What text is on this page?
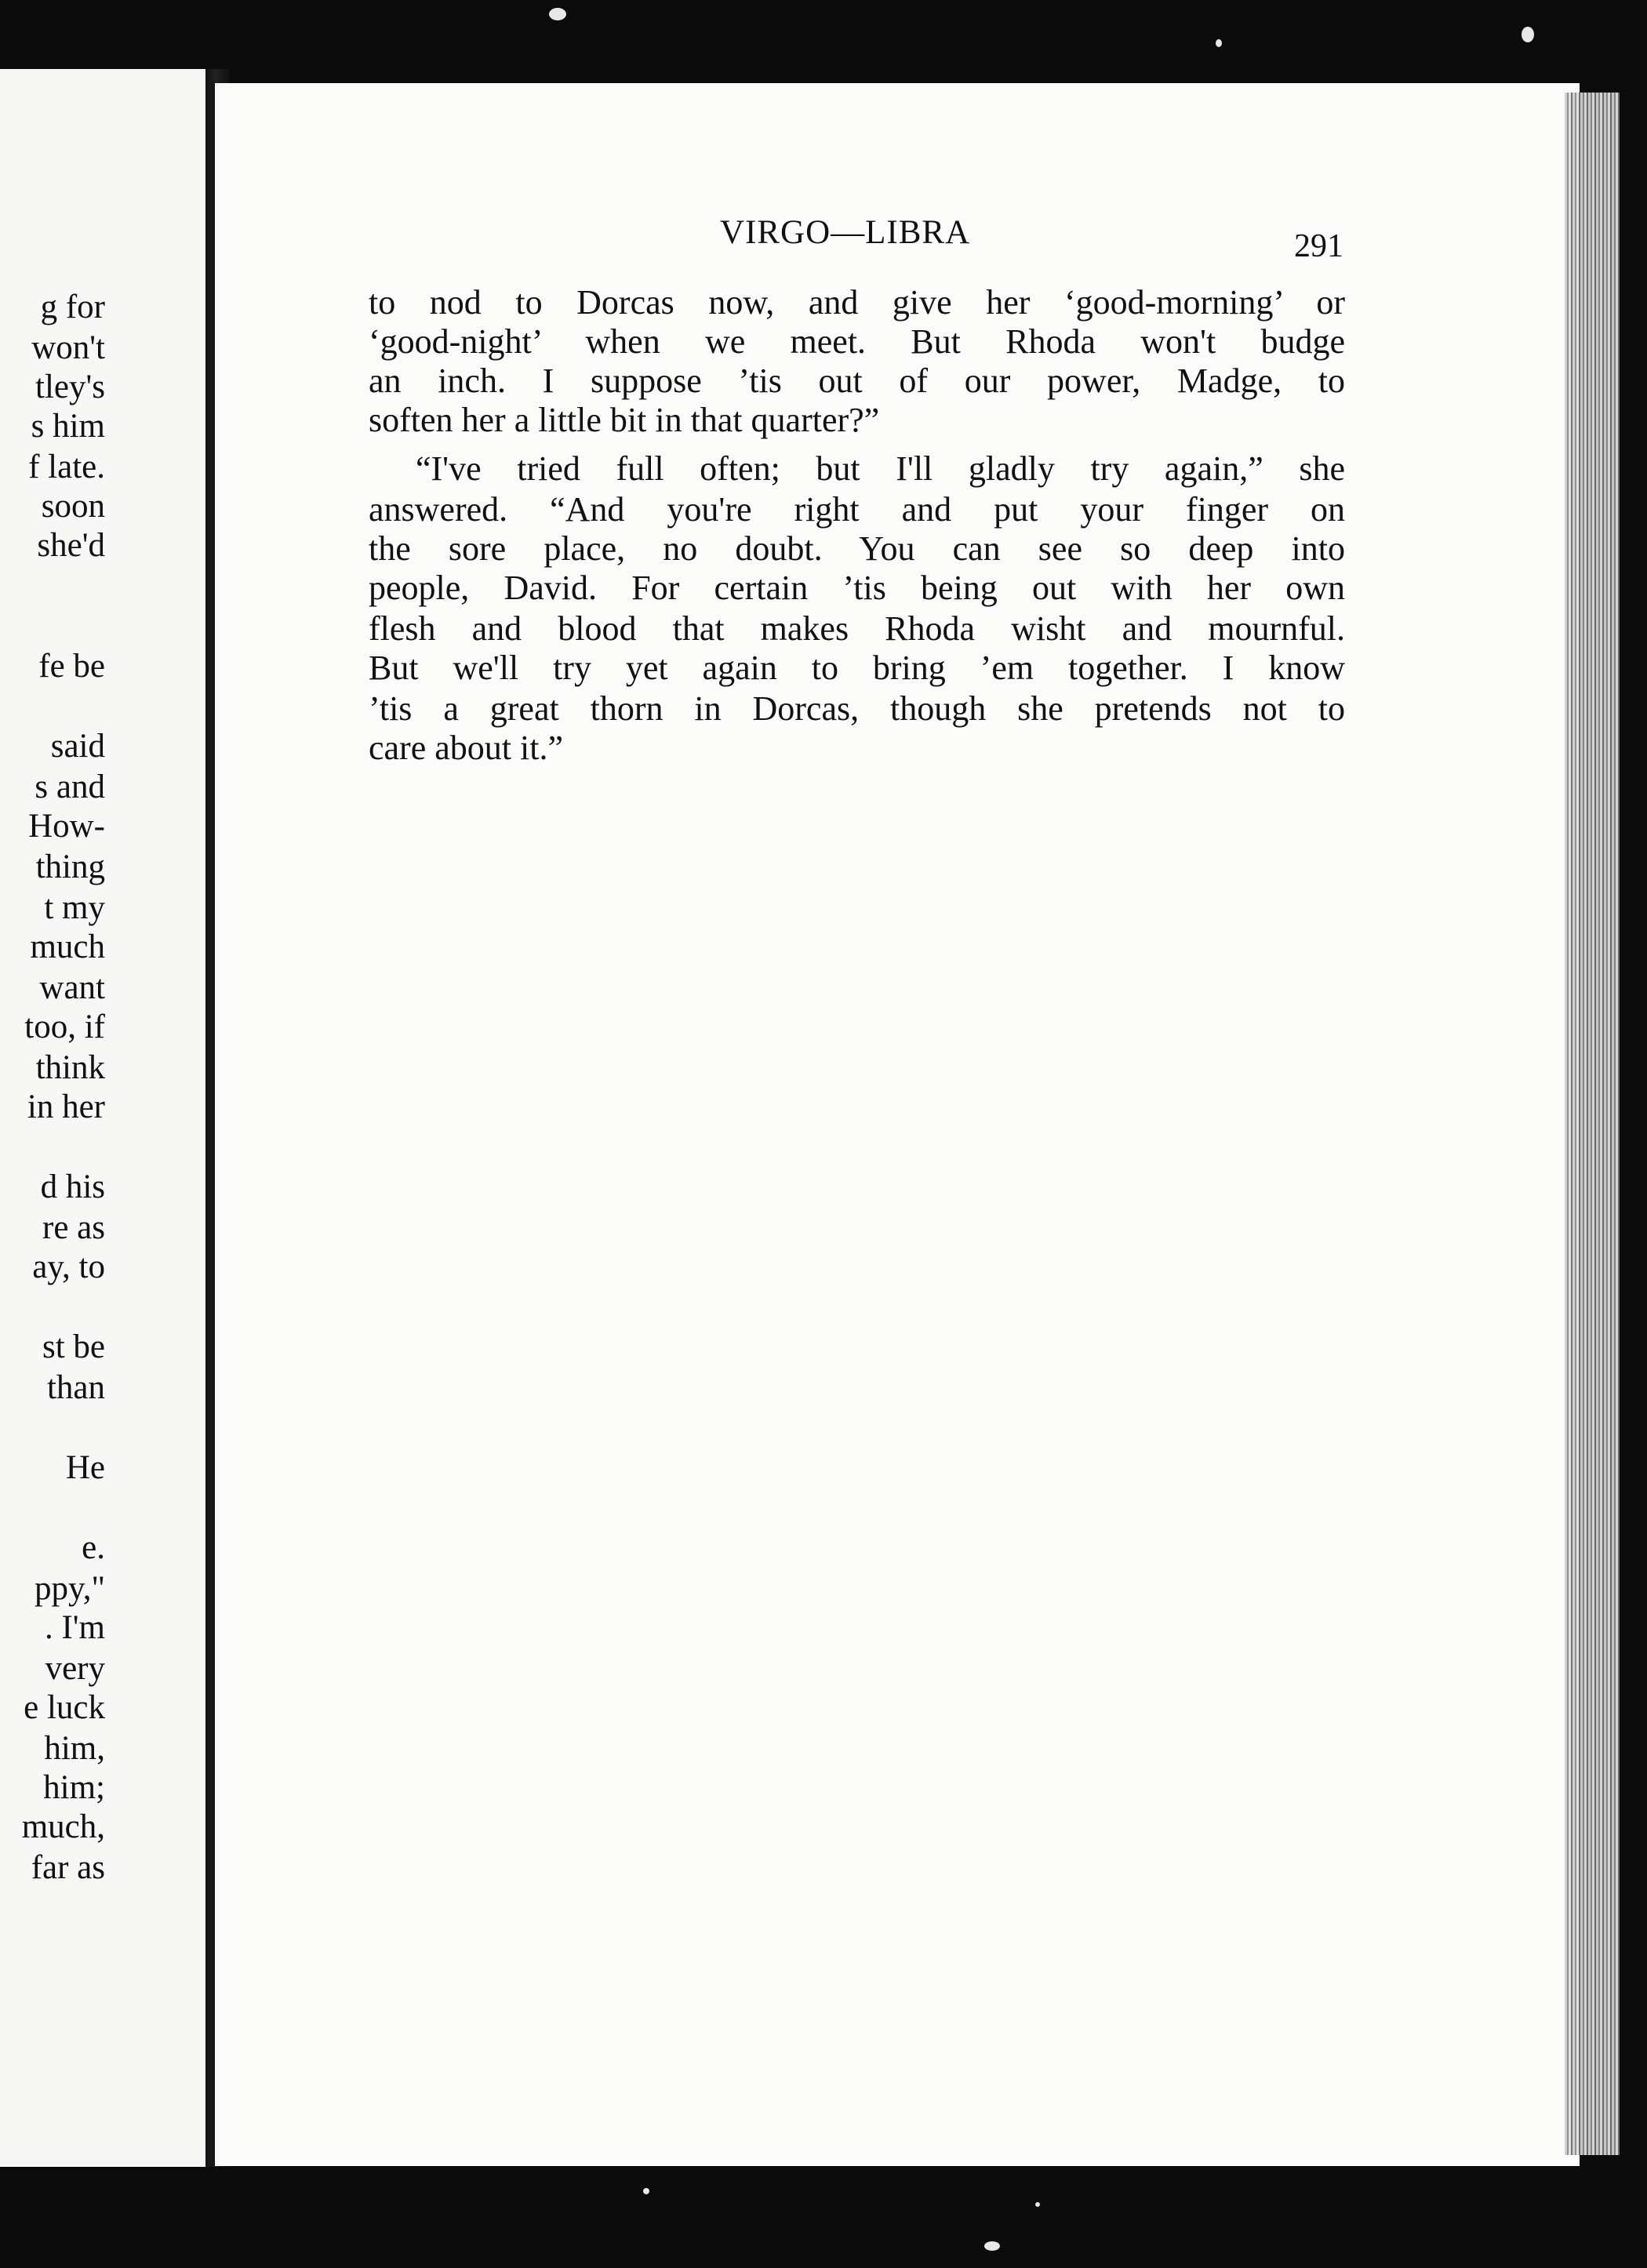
g for
won't
tley's
s him
f late.
soon
she'd
fe be
said
s and
How-
thing
t my
much
want
too, if
think
in her
d his
re as
ay, to
st be
than
He
e.
ppy,"
. I'm
very
e luck
him,
him;
much,
far as
VIRGO—LIBRA	291
to nod to Dorcas now, and give her ‘good-morning’ or
‘good-night’ when we meet. But Rhoda won't budge
an inch. I suppose ’tis out of our power, Madge, to
soften her a little bit in that quarter?”
“I've tried full often; but I'll gladly try again,” she
answered. “And you're right and put your finger on
the sore place, no doubt. You can see so deep into
people, David. For certain ’tis being out with her own
flesh and blood that makes Rhoda wisht and mournful.
But we'll try yet again to bring ’em together. I know
’tis a great thorn in Dorcas, though she pretends not to
care about it.”
